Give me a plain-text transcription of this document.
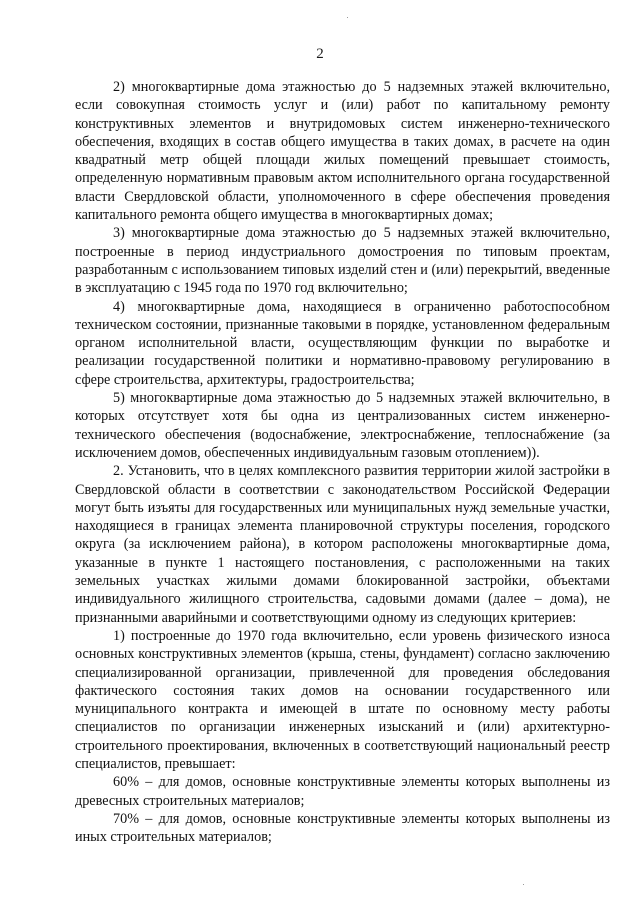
2

2) многоквартирные дома этажностью до 5 надземных этажей включительно, если совокупная стоимость услуг и (или) работ по капитальному ремонту конструктивных элементов и внутридомовых систем инженерно-технического обеспечения, входящих в состав общего имущества в таких домах, в расчете на один квадратный метр общей площади жилых помещений превышает стоимость, определенную нормативным правовым актом исполнительного органа государственной власти Свердловской области, уполномоченного в сфере обеспечения проведения капитального ремонта общего имущества в многоквартирных домах;

3) многоквартирные дома этажностью до 5 надземных этажей включительно, построенные в период индустриального домостроения по типовым проектам, разработанным с использованием типовых изделий стен и (или) перекрытий, введенные в эксплуатацию с 1945 года по 1970 год включительно;

4) многоквартирные дома, находящиеся в ограниченно работоспособном техническом состоянии, признанные таковыми в порядке, установленном федеральным органом исполнительной власти, осуществляющим функции по выработке и реализации государственной политики и нормативно-правовому регулированию в сфере строительства, архитектуры, градостроительства;

5) многоквартирные дома этажностью до 5 надземных этажей включительно, в которых отсутствует хотя бы одна из централизованных систем инженерно-технического обеспечения (водоснабжение, электроснабжение, теплоснабжение (за исключением домов, обеспеченных индивидуальным газовым отоплением)).

2. Установить, что в целях комплексного развития территории жилой застройки в Свердловской области в соответствии с законодательством Российской Федерации могут быть изъяты для государственных или муниципальных нужд земельные участки, находящиеся в границах элемента планировочной структуры поселения, городского округа (за исключением района), в котором расположены многоквартирные дома, указанные в пункте 1 настоящего постановления, с расположенными на таких земельных участках жилыми домами блокированной застройки, объектами индивидуального жилищного строительства, садовыми домами (далее – дома), не признанными аварийными и соответствующими одному из следующих критериев:

1) построенные до 1970 года включительно, если уровень физического износа основных конструктивных элементов (крыша, стены, фундамент) согласно заключению специализированной организации, привлеченной для проведения обследования фактического состояния таких домов на основании государственного или муниципального контракта и имеющей в штате по основному месту работы специалистов по организации инженерных изысканий и (или) архитектурно-строительного проектирования, включенных в соответствующий национальный реестр специалистов, превышает:

60% – для домов, основные конструктивные элементы которых выполнены из древесных строительных материалов;

70% – для домов, основные конструктивные элементы которых выполнены из иных строительных материалов;
